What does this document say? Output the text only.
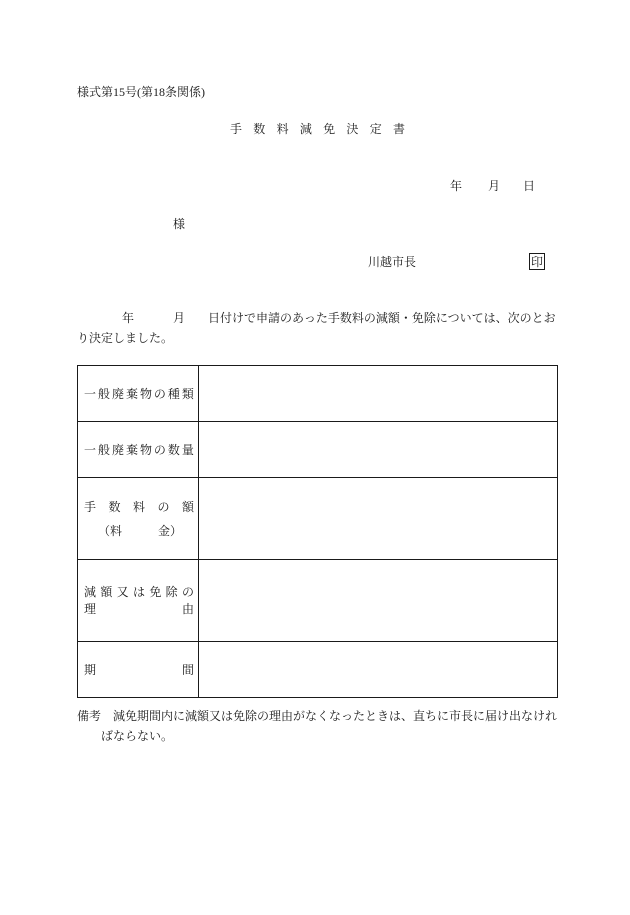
様式第15号(第18条関係)
手 数 料 減 免 決 定 書
年 月 日
様
川越市長	印
年	月 日付けで申請のあった手数料の減額・免除については、次のとお
り決定しました。
一 般 廃 棄 物 の 種 類
一 般 廃 棄 物 の 数 量
手 数 料 の 額
（料　　　金）
減 額 又 は 免 除 の
理	由
期	間
備考 減免期間内に減額又は免除の理由がなくなったときは、直ちに市長に届け出なけれ
ばならない。
